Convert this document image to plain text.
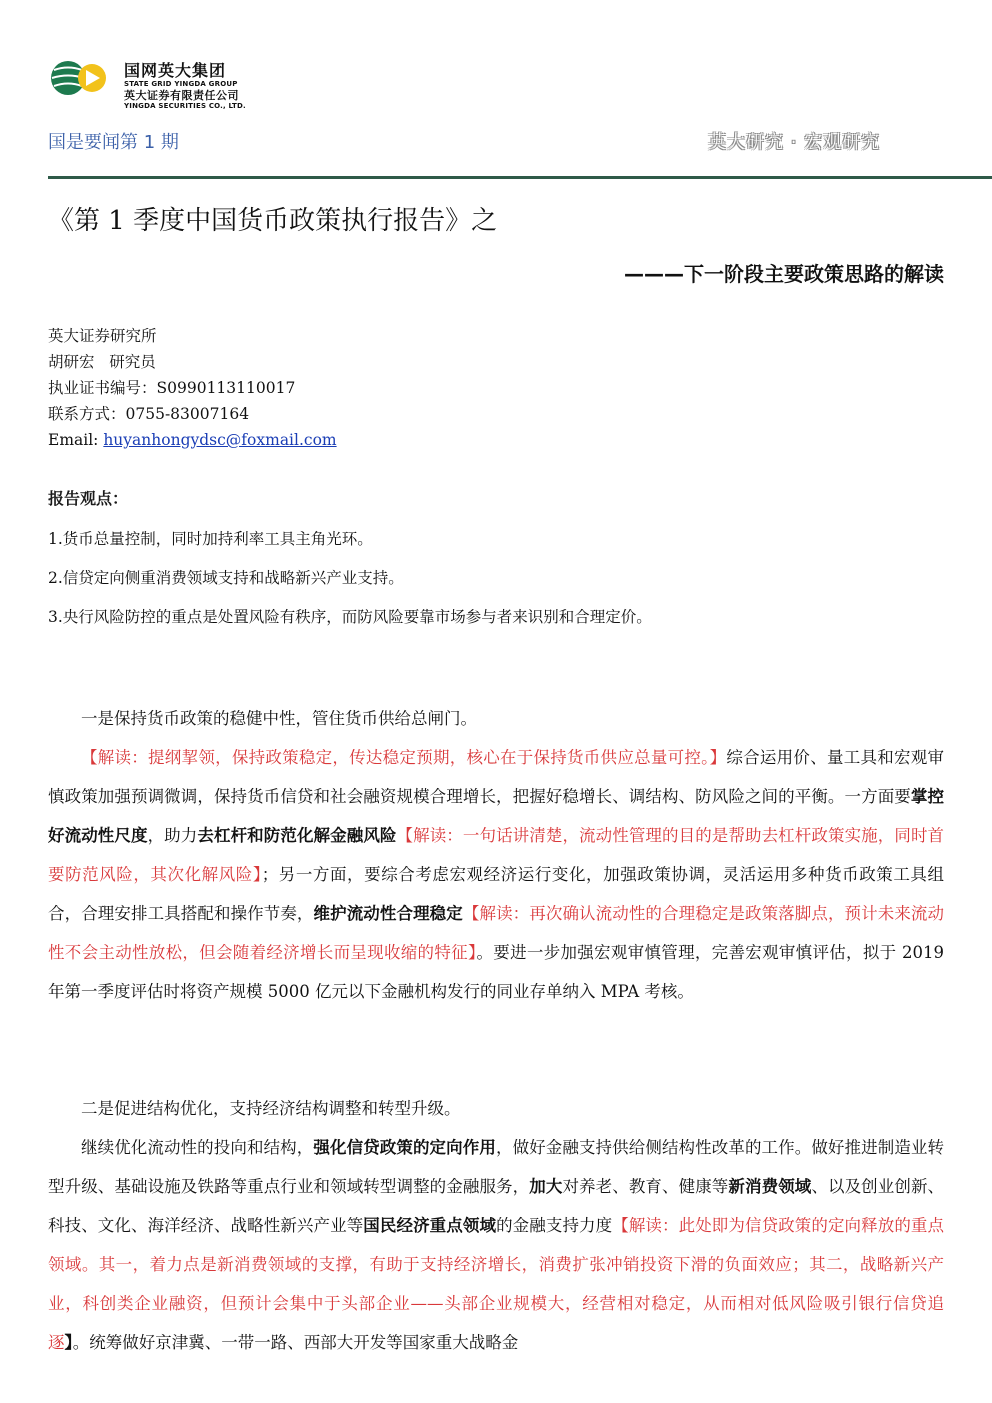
国网英大集团
STATE GRID YINGDA GROUP
英大证券有限责任公司
YINGDA SECURITIES CO., LTD.
国是要闻第 1 期	英大研究 · 宏观研究
《第 1 季度中国货币政策执行报告》之
———下一阶段主要政策思路的解读
英大证券研究所
胡研宏   研究员
执业证书编号：S0990113110017
联系方式：0755-83007164
Email: huyanhongydsc@foxmail.com
报告观点：
1.货币总量控制，同时加持利率工具主角光环。
2.信贷定向侧重消费领域支持和战略新兴产业支持。
3.央行风险防控的重点是处置风险有秩序，而防风险要靠市场参与者来识别和合理定价。

一是保持货币政策的稳健中性，管住货币供给总闸门。

【解读：提纲挈领，保持政策稳定，传达稳定预期，核心在于保持货币供应总量可控。】综合运用价、量工具和宏观审慎政策加强预调微调，保持货币信贷和社会融资规模合理增长，把握好稳增长、调结构、防风险之间的平衡。一方面要掌控好流动性尺度，助力去杠杆和防范化解金融风险【解读：一句话讲清楚，流动性管理的目的是帮助去杠杆政策实施，同时首要防范风险，其次化解风险】；另一方面，要综合考虑宏观经济运行变化，加强政策协调，灵活运用多种货币政策工具组合，合理安排工具搭配和操作节奏，维护流动性合理稳定【解读：再次确认流动性的合理稳定是政策落脚点，预计未来流动性不会主动性放松，但会随着经济增长而呈现收缩的特征】。要进一步加强宏观审慎管理，完善宏观审慎评估，拟于 2019 年第一季度评估时将资产规模 5000 亿元以下金融机构发行的同业存单纳入 MPA 考核。

二是促进结构优化，支持经济结构调整和转型升级。

继续优化流动性的投向和结构，强化信贷政策的定向作用，做好金融支持供给侧结构性改革的工作。做好推进制造业转型升级、基础设施及铁路等重点行业和领域转型调整的金融服务，加大对养老、教育、健康等新消费领域、以及创业创新、科技、文化、海洋经济、战略性新兴产业等国民经济重点领域的金融支持力度【解读：此处即为信贷政策的定向释放的重点领域。其一，着力点是新消费领域的支撑，有助于支持经济增长，消费扩张冲销投资下滑的负面效应；其二，战略新兴产业，科创类企业融资，但预计会集中于头部企业——头部企业规模大，经营相对稳定，从而相对低风险吸引银行信贷追逐】。统筹做好京津冀、一带一路、西部大开发等国家重大战略金
